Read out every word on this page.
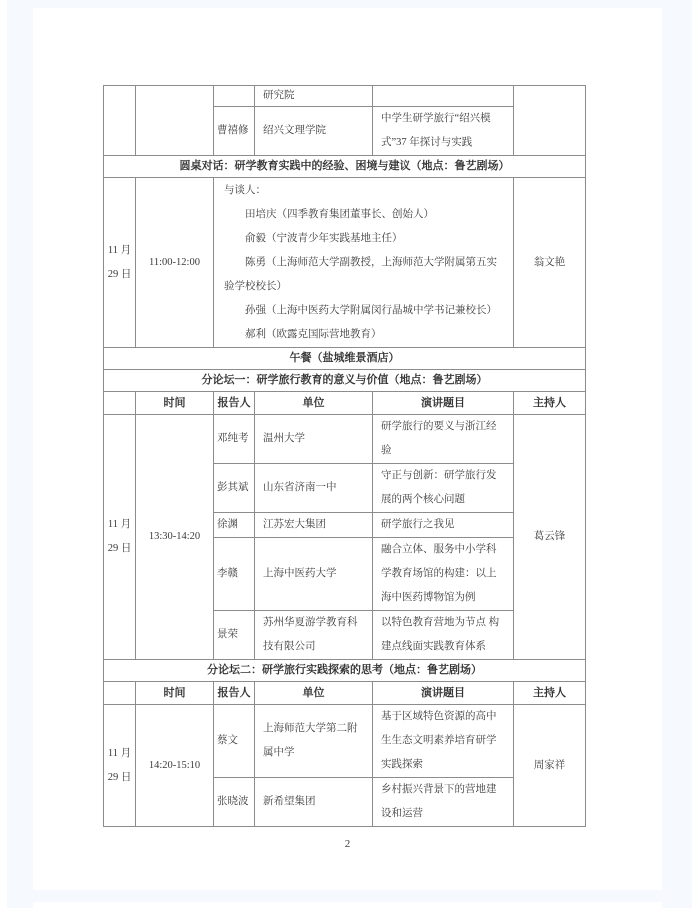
			研究院		
		曹禧修	绍兴文理学院	中学生研学旅行“绍兴模式”37 年探讨与实践	
圆桌对话：研学教育实践中的经验、困境与建议（地点：鲁艺剧场）					
11 月
29 日	11:00-12:00	
与谈人：
田培庆（四季教育集团董事长、创始人）
俞毅（宁波青少年实践基地主任）
陈勇（上海师范大学副教授，上海师范大学附属第五实验学校校长）
孙强（上海中医药大学附属闵行晶城中学书记兼校长）
郝利（欧露克国际营地教育）
	翁文艳
午餐（盐城维景酒店）					
分论坛一：研学旅行教育的意义与价值（地点：鲁艺剧场）					
	时间	报告人	单位	演讲题目	主持人
11 月
29 日	13:30-14:20	邓纯考	温州大学	研学旅行的要义与浙江经验	葛云锋
		彭其斌	山东省济南一中	守正与创新：研学旅行发展的两个核心问题	
		徐渊	江苏宏大集团	研学旅行之我见	
		李赣	上海中医药大学	融合立体、服务中小学科学教育场馆的构建：以上海中医药博物馆为例	
		景荣	苏州华夏游学教育科技有限公司	以特色教育营地为节点 构建点线面实践教育体系	
分论坛二：研学旅行实践探索的思考（地点：鲁艺剧场）					
	时间	报告人	单位	演讲题目	主持人
11 月
29 日	14:20-15:10	蔡文	上海师范大学第二附属中学	基于区域特色资源的高中生生态文明素养培育研学实践探索	周家祥
		张晓波	新希望集团	乡村振兴背景下的营地建设和运营	
2
